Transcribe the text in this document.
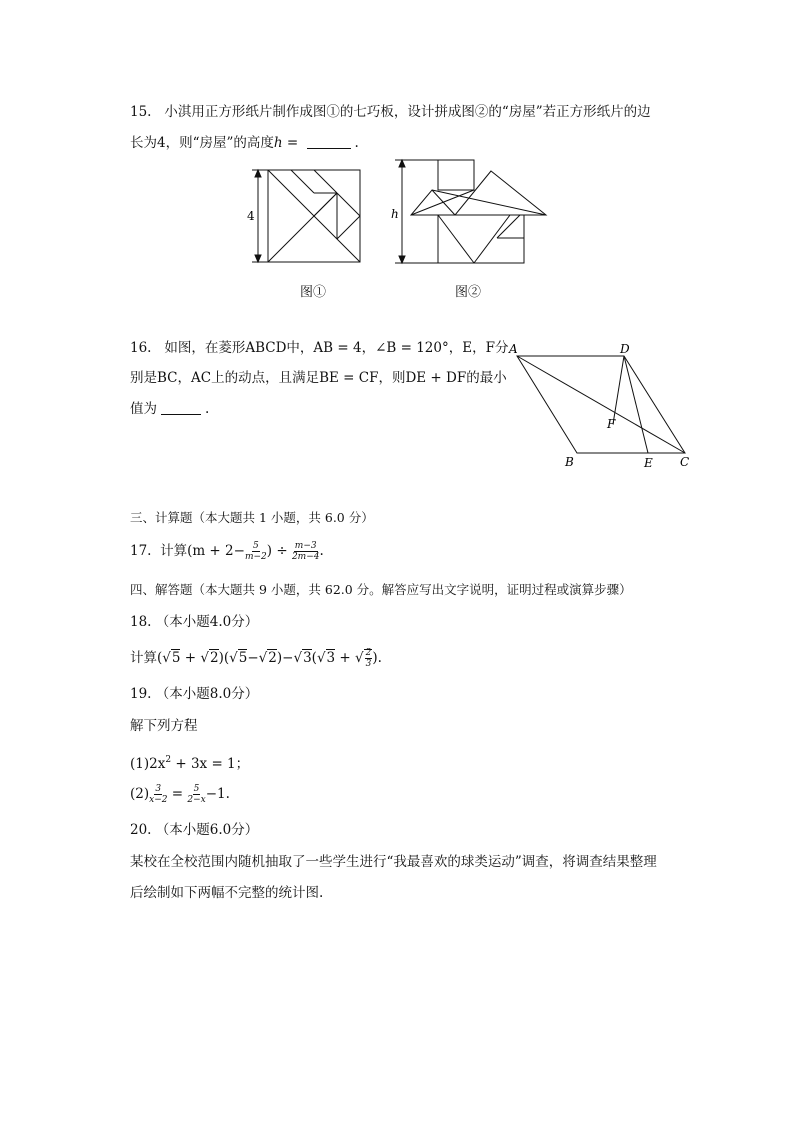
15. 小淇用正方形纸片制作成图①的七巧板，设计拼成图②的“房屋”若正方形纸片的边
长为4，则“房屋”的高度h =	.
4	h
图①	图②
16. 如图，在菱形ABCD中，AB = 4，∠B = 120°，E，F分
别是BC，AC上的动点，且满足BE = CF，则DE + DF的最小
值为	.
A	D
F
B	E C
三、计算题（本大题共 1 小题，共 6.0 分）
17. 计算($m + 2- \frac{5}{m-2}$ ) ÷ $\frac{m-3}{2m-4}$ .
四、解答题（本大题共 9 小题，共 62.0 分。解答应写出文字说明，证明过程或演算步骤）
18. （本小题4.0分）
计算(√5 + √2)(√5−√2)−√3(√3 + √ $\frac{2}{3}$ ).
19. （本小题8.0分）
解下列方程
$(1)2x^2 + 3x = 1$；
$(2) \frac{3}{x-2} = \frac{5}{2-x} -1$.
20. （本小题6.0分）
某校在全校范围内随机抽取了一些学生进行“我最喜欢的球类运动”调查，将调查结果整理
后绘制如下两幅不完整的统计图.
